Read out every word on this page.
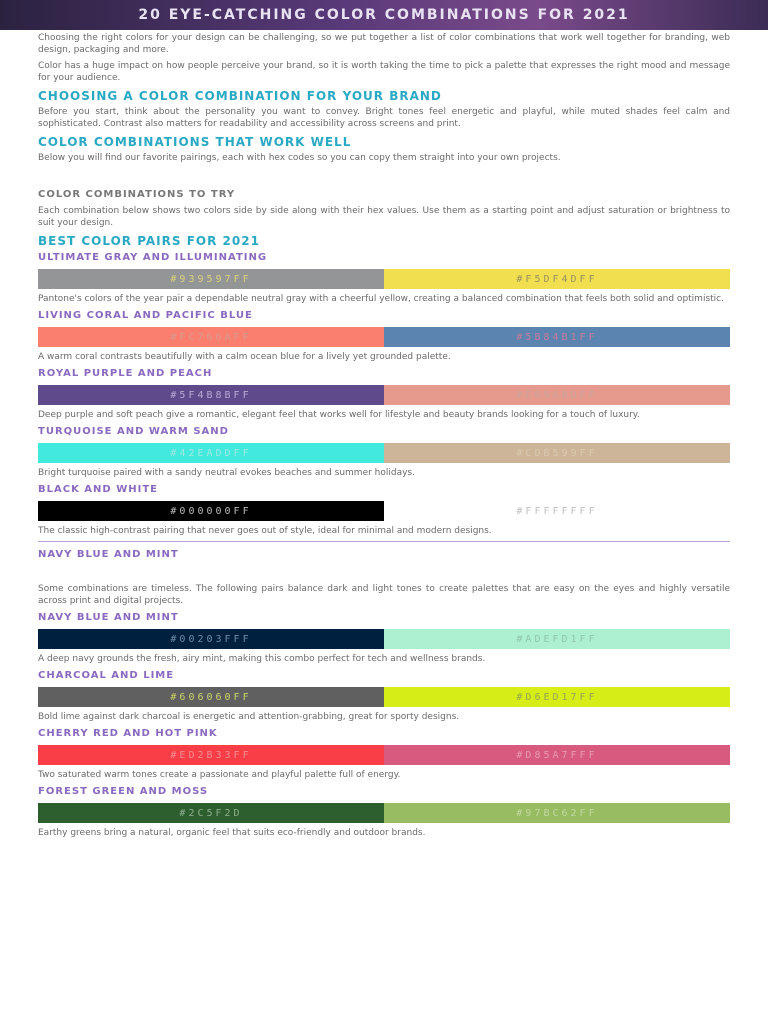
20 EYE-CATCHING COLOR COMBINATIONS FOR 2021

Choosing the right colors for your design can be challenging, so we put together a list of color combinations that work well together for branding, web design, packaging and more.

Color has a huge impact on how people perceive your brand, so it is worth taking the time to pick a palette that expresses the right mood and message for your audience.

CHOOSING A COLOR COMBINATION FOR YOUR BRAND

Before you start, think about the personality you want to convey. Bright tones feel energetic and playful, while muted shades feel calm and sophisticated. Contrast also matters for readability and accessibility across screens and print.

COLOR COMBINATIONS THAT WORK WELL

Below you will find our favorite pairings, each with hex codes so you can copy them straight into your own projects.

COLOR COMBINATIONS TO TRY

Each combination below shows two colors side by side along with their hex values. Use them as a starting point and adjust saturation or brightness to suit your design.

BEST COLOR PAIRS FOR 2021
ULTIMATE GRAY AND ILLUMINATING
#939597FF	#F5DF4DFF

Pantone's colors of the year pair a dependable neutral gray with a cheerful yellow, creating a balanced combination that feels both solid and optimistic.

LIVING CORAL AND PACIFIC BLUE
#FC766AFF	#5B84B1FF

A warm coral contrasts beautifully with a calm ocean blue for a lively yet grounded palette.

ROYAL PURPLE AND PEACH
#5F4B8BFF	#E69A8DFF

Deep purple and soft peach give a romantic, elegant feel that works well for lifestyle and beauty brands looking for a touch of luxury.

TURQUOISE AND WARM SAND
#42EADDFF	#CDB599FF

Bright turquoise paired with a sandy neutral evokes beaches and summer holidays.

BLACK AND WHITE
#000000FF	#FFFFFFFF

The classic high-contrast pairing that never goes out of style, ideal for minimal and modern designs.

NAVY BLUE AND MINT

Some combinations are timeless. The following pairs balance dark and light tones to create palettes that are easy on the eyes and highly versatile across print and digital projects.

NAVY BLUE AND MINT
#00203FFF	#ADEFD1FF

A deep navy grounds the fresh, airy mint, making this combo perfect for tech and wellness brands.

CHARCOAL AND LIME
#606060FF	#D6ED17FF

Bold lime against dark charcoal is energetic and attention-grabbing, great for sporty designs.

CHERRY RED AND HOT PINK
#ED2B33FF	#D85A7FFF

Two saturated warm tones create a passionate and playful palette full of energy.

FOREST GREEN AND MOSS
#2C5F2D	#97BC62FF

Earthy greens bring a natural, organic feel that suits eco-friendly and outdoor brands.
